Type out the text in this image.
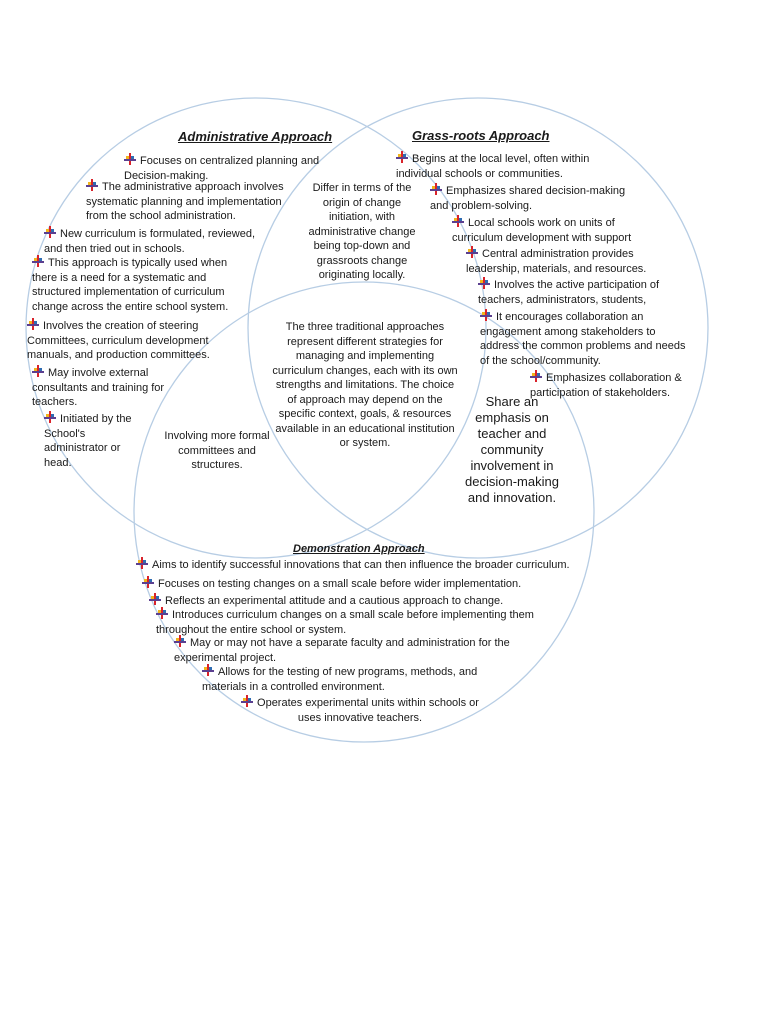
Administrative Approach	Grass-roots Approach
Demonstration Approach
Focuses on centralized planning and Decision-making.
The administrative approach involves systematic planning and implementation from the school administration.
New curriculum is formulated, reviewed, and then tried out in schools.
This approach is typically used when there is a need for a systematic and structured implementation of curriculum change across the entire school system.
Involves the creation of steering Committees, curriculum development manuals, and production committees.
May involve external consultants and training for teachers.
Initiated by the School's administrator or head.
Begins at the local level, often within individual schools or communities.
Emphasizes shared decision-making and problem-solving.
Local schools work on units of curriculum development with support
Central administration provides leadership, materials, and resources.
Involves the active participation of teachers, administrators, students,
It encourages collaboration an engagement among stakeholders to address the common problems and needs of the school/community.
Emphasizes collaboration & participation of stakeholders.
Differ in terms of the origin of change initiation, with administrative change being top-down and grassroots change originating locally.
The three traditional approaches represent different strategies for managing and implementing curriculum changes, each with its own strengths and limitations. The choice of approach may depend on the specific context, goals, & resources available in an educational institution or system.
Involving more formal committees and structures.
Share an emphasis on teacher and community involvement in decision-making and innovation.
Aims to identify successful innovations that can then influence the broader curriculum.
Focuses on testing changes on a small scale before wider implementation.
Reflects an experimental attitude and a cautious approach to change.
Introduces curriculum changes on a small scale before implementing them throughout the entire school or system.
May or may not have a separate faculty and administration for the experimental project.
Allows for the testing of new programs, methods, and materials in a controlled environment.
Operates experimental units within schools or uses innovative teachers.
